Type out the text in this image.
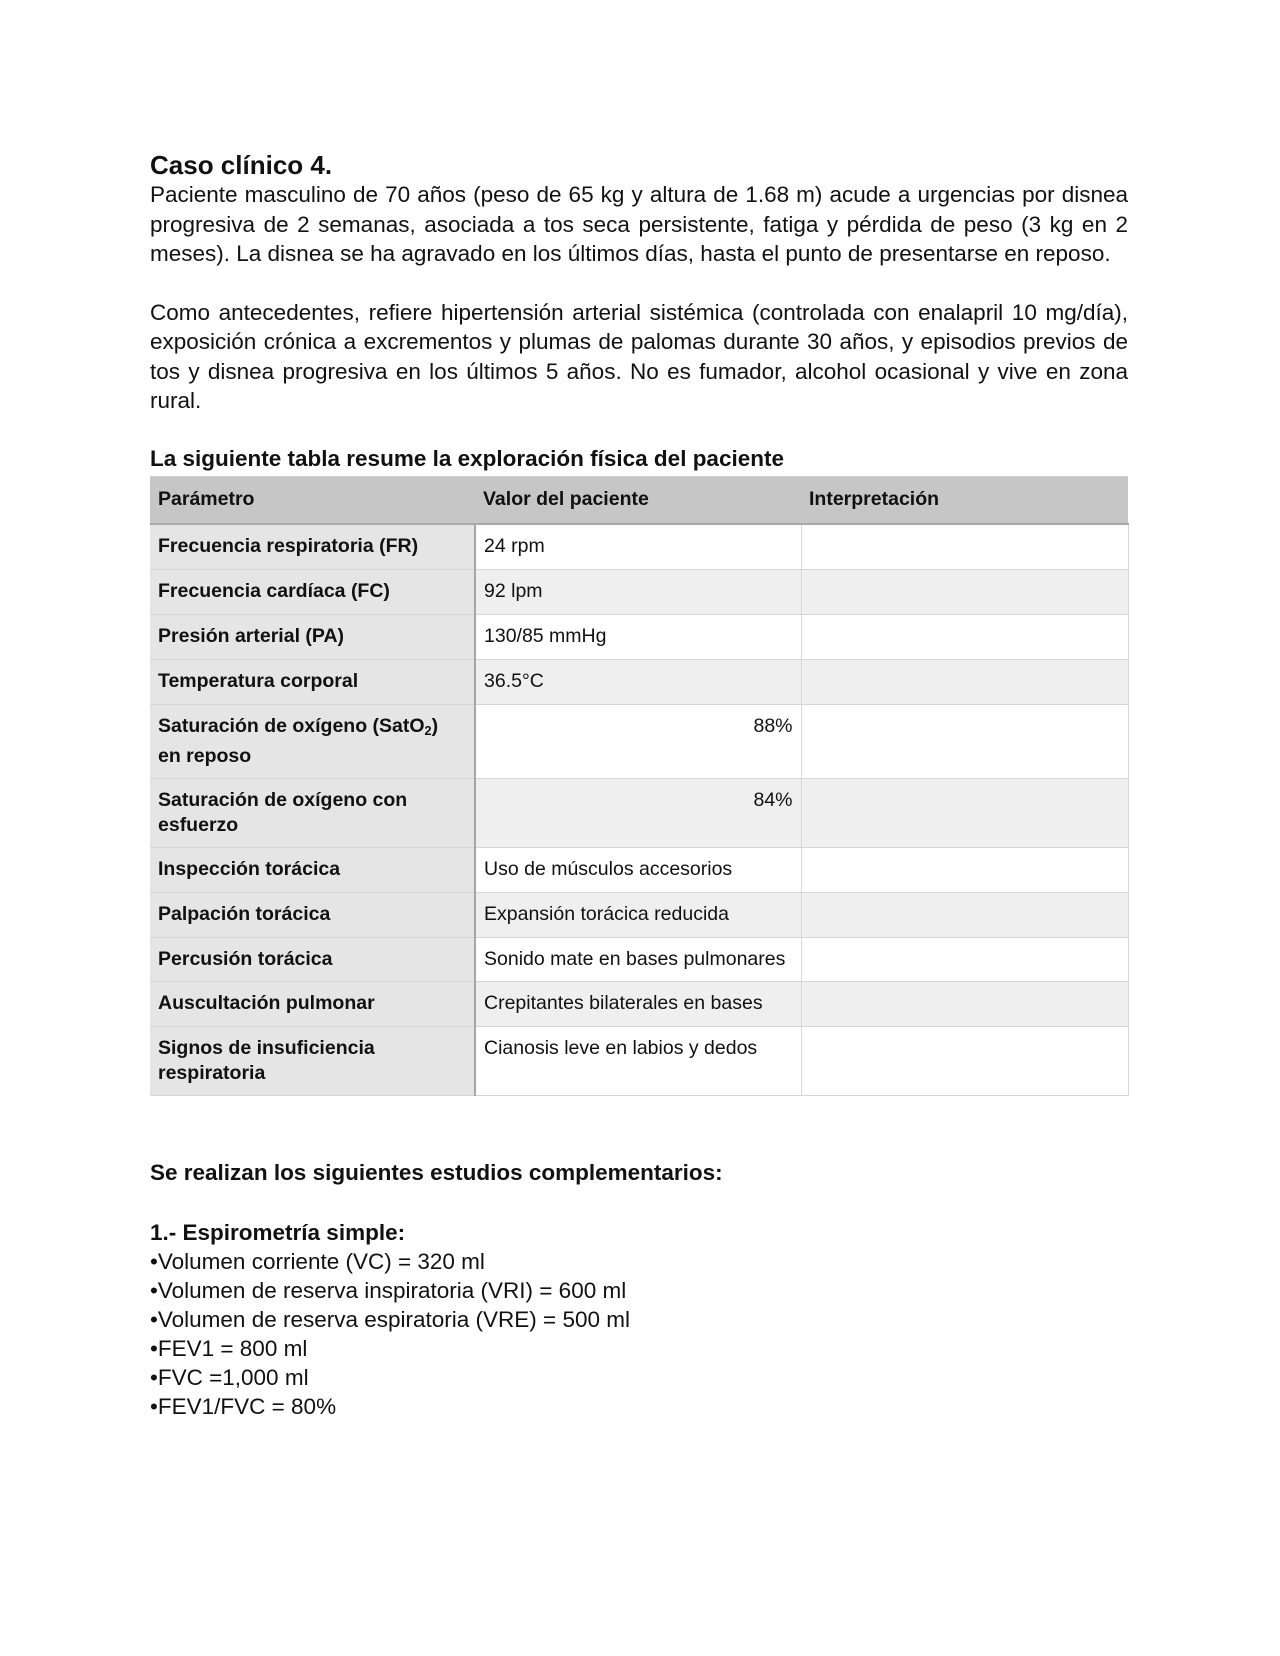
Caso clínico 4.

Paciente masculino de 70 años (peso de 65 kg y altura de 1.68 m) acude a urgencias por disnea progresiva de 2 semanas, asociada a tos seca persistente, fatiga y pérdida de peso (3 kg en 2 meses). La disnea se ha agravado en los últimos días, hasta el punto de presentarse en reposo.

Como antecedentes, refiere hipertensión arterial sistémica (controlada con enalapril 10 mg/día), exposición crónica a excrementos y plumas de palomas durante 30 años, y episodios previos de tos y disnea progresiva en los últimos 5 años. No es fumador, alcohol ocasional y vive en zona rural.

La siguiente tabla resume la exploración física del paciente
Parámetro	Valor del paciente	Interpretación
Frecuencia respiratoria (FR)	24 rpm	
Frecuencia cardíaca (FC)	92 lpm	
Presión arterial (PA)	130/85 mmHg	
Temperatura corporal	36.5°C	
Saturación de oxígeno (SatO$_2$) en reposo	88%	
Saturación de oxígeno con esfuerzo	84%	
Inspección torácica	Uso de músculos accesorios	
Palpación torácica	Expansión torácica reducida	
Percusión torácica	Sonido mate en bases pulmonares	
Auscultación pulmonar	Crepitantes bilaterales en bases	
Signos de insuficiencia respiratoria	Cianosis leve en labios y dedos	
Se realizan los siguientes estudios complementarios:
1.- Espirometría simple:
•Volumen corriente (VC) = 320 ml
•Volumen de reserva inspiratoria (VRI) = 600 ml
•Volumen de reserva espiratoria (VRE) = 500 ml
•FEV1 = 800 ml
•FVC =1,000 ml
•FEV1/FVC = 80%
